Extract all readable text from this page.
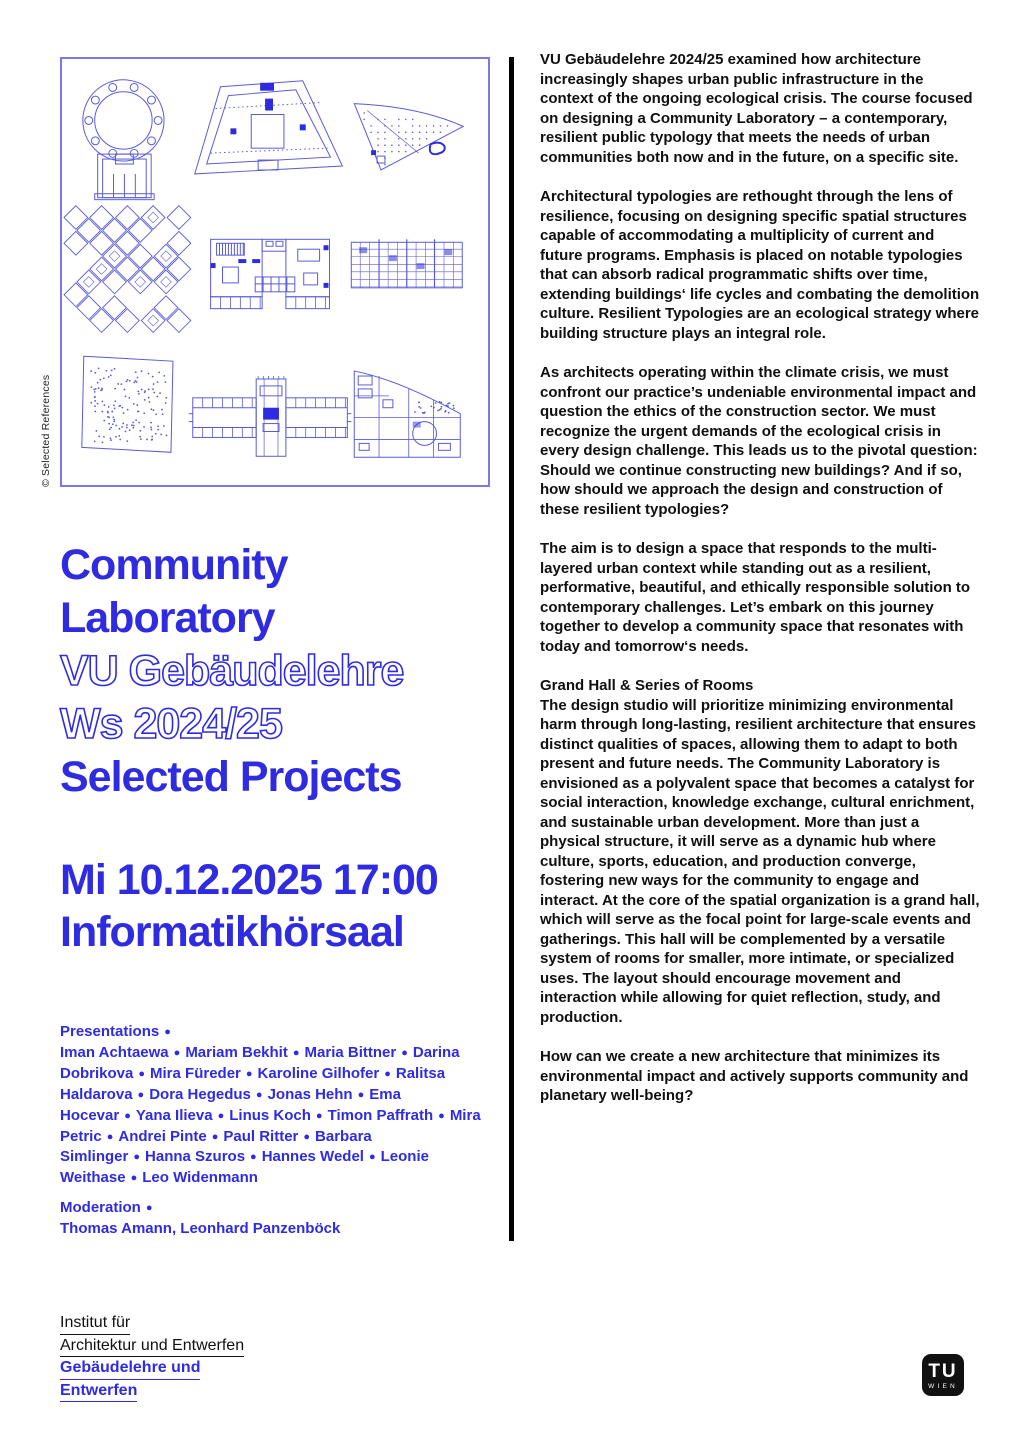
© Selected References
Community
Laboratory
VU Gebäudelehre
Ws 2024/25
Selected Projects
Mi 10.12.2025 17:00
Informatikhörsaal
Presentations ●
Iman Achtaewa ● Mariam Bekhit ● Maria Bittner ● Darina Dobrikova ● Mira Füreder ● Karoline Gilhofer ● Ralitsa Haldarova ● Dora Hegedus ● Jonas Hehn ● Ema Hocevar ● Yana Ilieva ● Linus Koch ● Timon Paffrath ● Mira Petric ● Andrei Pinte ● Paul Ritter ● Barbara Simlinger ● Hanna Szuros ● Hannes Wedel ● Leonie Weithase ● Leo Widenmann
Moderation ●
Thomas Amann, Leonhard Panzenböck
VU Gebäudelehre 2024/25 examined how architecture increasingly shapes urban public infrastructure in the context of the ongoing ecological crisis. The course focused on designing a Community Laboratory – a contemporary, resilient public typology that meets the needs of urban communities both now and in the future, on a specific site.
Architectural typologies are rethought through the lens of resilience, focusing on designing specific spatial structures capable of accommodating a multiplicity of current and future programs. Emphasis is placed on notable typologies that can absorb radical programmatic shifts over time, extending buildings‘ life cycles and combating the demolition culture. Resilient Typologies are an ecological strategy where building structure plays an integral role.
As architects operating within the climate crisis, we must confront our practice’s undeniable environmental impact and question the ethics of the construction sector. We must recognize the urgent demands of the ecological crisis in every design challenge. This leads us to the pivotal question: Should we continue constructing new buildings? And if so, how should we approach the design and construction of these resilient typologies?
The aim is to design a space that responds to the multi-layered urban context while standing out as a resilient, performative, beautiful, and ethically responsible solution to contemporary challenges. Let’s embark on this journey together to develop a community space that resonates with today and tomorrow‘s needs.
Grand Hall & Series of Rooms
The design studio will prioritize minimizing environmental harm through long-lasting, resilient architecture that ensures distinct qualities of spaces, allowing them to adapt to both present and future needs. The Community Laboratory is envisioned as a polyvalent space that becomes a catalyst for social interaction, knowledge exchange, cultural enrichment, and sustainable urban development. More than just a physical structure, it will serve as a dynamic hub where culture, sports, education, and production converge, fostering new ways for the community to engage and interact. At the core of the spatial organization is a grand hall, which will serve as the focal point for large-scale events and gatherings. This hall will be complemented by a versatile system of rooms for smaller, more intimate, or specialized uses. The layout should encourage movement and interaction while allowing for quiet reflection, study, and production.
How can we create a new architecture that minimizes its environmental impact and actively supports community and planetary well-being?
Institut für
Architektur und Entwerfen
Gebäudelehre und
Entwerfen
TU
WIEN
